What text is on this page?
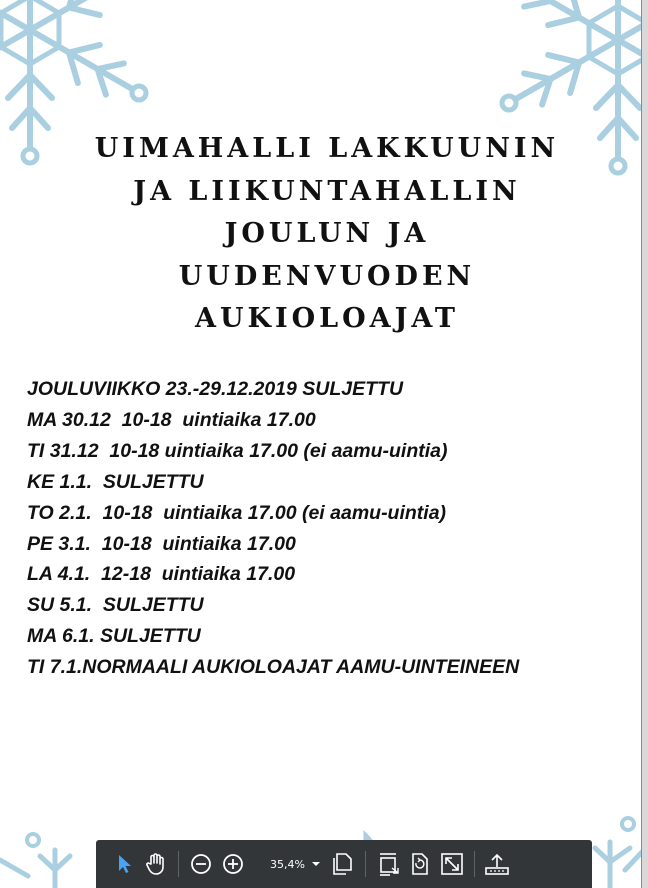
UIMAHALLI LAKKUUNIN
JA LIIKUNTAHALLIN
JOULUN JA
UUDENVUODEN
AUKIOLOAJAT
JOULUVIIKKO 23.-29.12.2019 SULJETTU
MA 30.12  10-18  uintiaika 17.00
TI 31.12  10-18 uintiaika 17.00 (ei aamu-uintia)
KE 1.1.  SULJETTU
TO 2.1.  10-18  uintiaika 17.00 (ei aamu-uintia)
PE 3.1.  10-18  uintiaika 17.00
LA 4.1.  12-18  uintiaika 17.00
SU 5.1.  SULJETTU
MA 6.1. SULJETTU
TI 7.1.NORMAALI AUKIOLOAJAT AAMU-UINTEINEEN
35,4%
